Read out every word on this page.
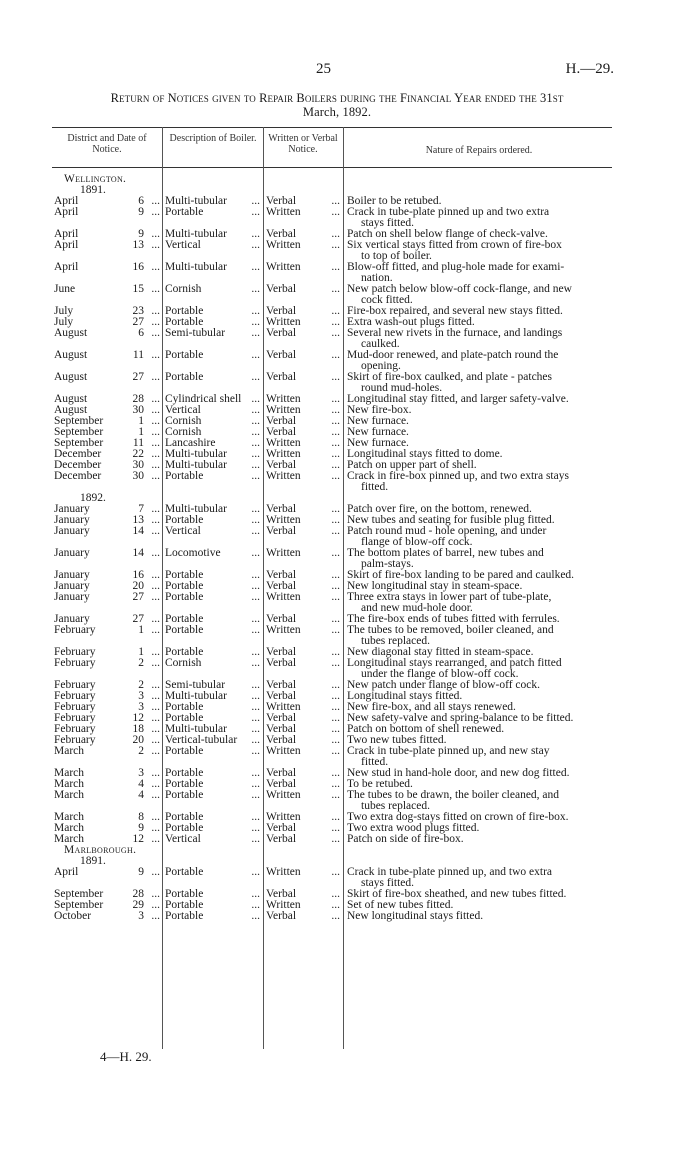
25	H.—29.
Return of Notices given to Repair Boilers during the Financial Year ended the 31st
March, 1892.
District and Date of Notice.
Description of Boiler.	Written or Verbal Notice.	Nature of Repairs ordered.
Wellington.
1891.
April	6 ... Multi-tubular ... Verbal	... Boiler to be retubed.
April	9 ... Portable	... Written	... Crack in tube-plate pinned up and two extra
stays fitted.
April	9 ... Multi-tubular ... Verbal	... Patch on shell below flange of check-valve.
April	13 ... Vertical	... Written	... Six vertical stays fitted from crown of fire-box
to top of boiler.
April	16 ... Multi-tubular ... Written	... Blow-off fitted, and plug-hole made for exami-
nation.
June	15 ... Cornish	... Verbal	... New patch below blow-off cock-flange, and new
cock fitted.
July	23 ... Portable	... Verbal	... Fire-box repaired, and several new stays fitted.
July	27 ... Portable	... Written	... Extra wash-out plugs fitted.
August	6 ... Semi-tubular ... Verbal	... Several new rivets in the furnace, and landings
caulked.
August	11 ... Portable	... Verbal	... Mud-door renewed, and plate-patch round the
opening.
August	27 ... Portable	... Verbal	... Skirt of fire-box caulked, and plate - patches
round mud-holes.
August	28 ... Cylindrical shell ... Written	... Longitudinal stay fitted, and larger safety-valve.
August	30 ... Vertical	... Written	... New fire-box.
September	1 ... Cornish	... Verbal	... New furnace.
September	1 ... Cornish	... Verbal	... New furnace.
September	11 ... Lancashire	... Written	... New furnace.
December	22 ... Multi-tubular ... Written	... Longitudinal stays fitted to dome.
December	30 ... Multi-tubular ... Verbal	... Patch on upper part of shell.
December	30 ... Portable	... Written	... Crack in fire-box pinned up, and two extra stays
fitted.
1892.
January	7 ... Multi-tubular ... Verbal	... Patch over fire, on the bottom, renewed.
January	13 ... Portable	... Written	... New tubes and seating for fusible plug fitted.
January	14 ... Vertical	... Verbal	... Patch round mud - hole opening, and under
flange of blow-off cock.
January	14 ... Locomotive	... Written	... The bottom plates of barrel, new tubes and
palm-stays.
January	16 ... Portable	... Verbal	... Skirt of fire-box landing to be pared and caulked.
January	20 ... Portable	... Verbal	... New longitudinal stay in steam-space.
January	27 ... Portable	... Written	... Three extra stays in lower part of tube-plate,
and new mud-hole door.
January	27 ... Portable	... Verbal	... The fire-box ends of tubes fitted with ferrules.
February	1 ... Portable	... Written	... The tubes to be removed, boiler cleaned, and
tubes replaced.
February	1 ... Portable	... Verbal	... New diagonal stay fitted in steam-space.
February	2 ... Cornish	... Verbal	... Longitudinal stays rearranged, and patch fitted
under the flange of blow-off cock.
February	2 ... Semi-tubular ... Verbal	... New patch under flange of blow-off cock.
February	3 ... Multi-tubular ... Verbal	... Longitudinal stays fitted.
February	3 ... Portable	... Written	... New fire-box, and all stays renewed.
February	12 ... Portable	... Verbal	... New safety-valve and spring-balance to be fitted.
February	18 ... Multi-tubular ... Verbal	... Patch on bottom of shell renewed.
February	20 ... Vertical-tubular ... Verbal	... Two new tubes fitted.
March	2 ... Portable	... Written	... Crack in tube-plate pinned up, and new stay
fitted.
March	3 ... Portable	... Verbal	... New stud in hand-hole door, and new dog fitted.
March	4 ... Portable	... Verbal	... To be retubed.
March	4 ... Portable	... Written	... The tubes to be drawn, the boiler cleaned, and
tubes replaced.
March	8 ... Portable	... Written	... Two extra dog-stays fitted on crown of fire-box.
March	9 ... Portable	... Verbal	... Two extra wood plugs fitted.
March	12 ... Vertical	... Verbal	... Patch on side of fire-box.
Marlborough.
1891.
April	9 ... Portable	... Written	... Crack in tube-plate pinned up, and two extra
stays fitted.
September	28 ... Portable	... Verbal	... Skirt of fire-box sheathed, and new tubes fitted.
September	29 ... Portable	... Written	... Set of new tubes fitted.
October	3 ... Portable	... Verbal	... New longitudinal stays fitted.
4—H. 29.
